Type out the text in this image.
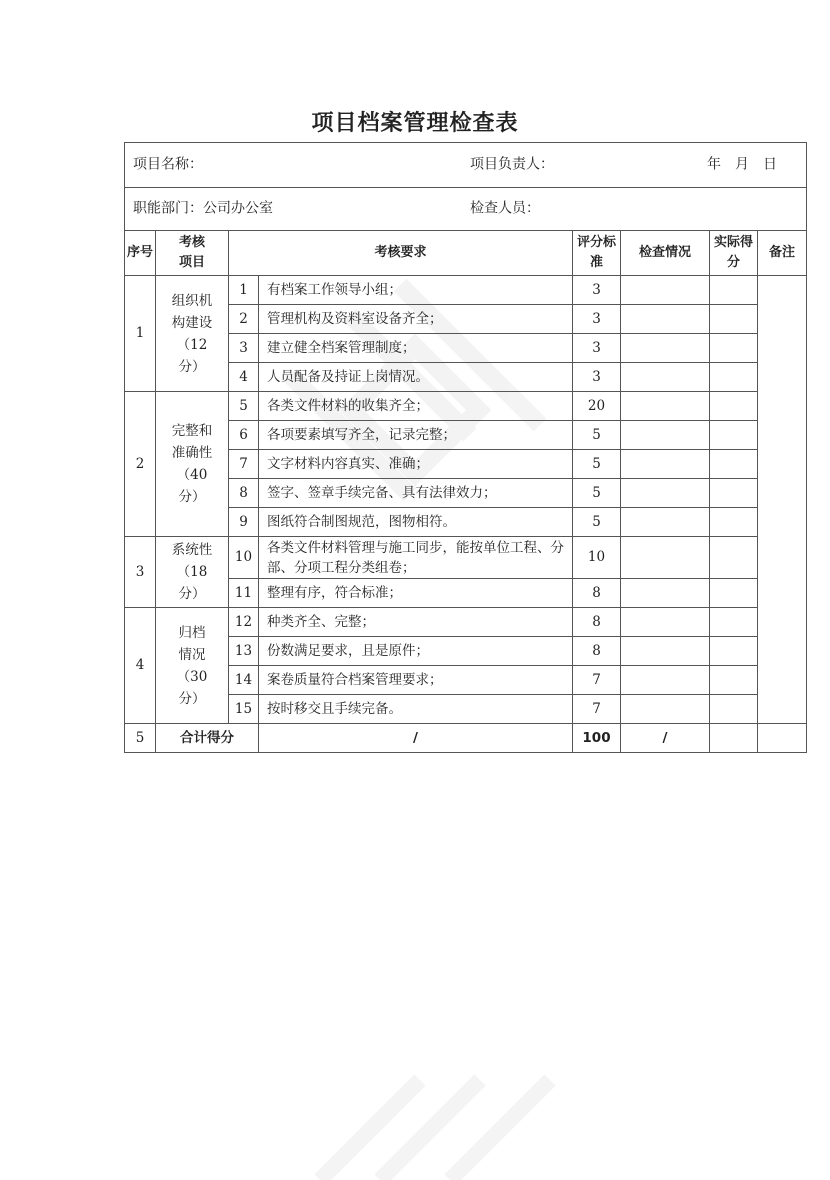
项目档案管理检查表
项目名称： 项目负责人： 年　月　日							

职能部门：公司办公室 检查人员：							

序号	考核项目	考核要求		评分标准	检查情况	实际得分	备注
1	组织机构建设（12分）	1	有档案工作领导小组；	3			
		2	管理机构及资料室设备齐全；	3			
		3	建立健全档案管理制度；	3			
		4	人员配备及持证上岗情况。	3			
2	完整和准确性（40分）	5	各类文件材料的收集齐全；	20			
		6	各项要素填写齐全，记录完整；	5			
		7	文字材料内容真实、准确；	5			
		8	签字、签章手续完备、具有法律效力；	5			
		9	图纸符合制图规范，图物相符。	5			
3	系统性（18分）	10	各类文件材料管理与施工同步，能按单位工程、分部、分项工程分类组卷；	10			
		11	整理有序，符合标准；	8			
4	归档情况（30分）	12	种类齐全、完整；	8			
		13	份数满足要求，且是原件；	8			
		14	案卷质量符合档案管理要求；	7			
		15	按时移交且手续完备。	7			
5	合计得分		/	100	/		
